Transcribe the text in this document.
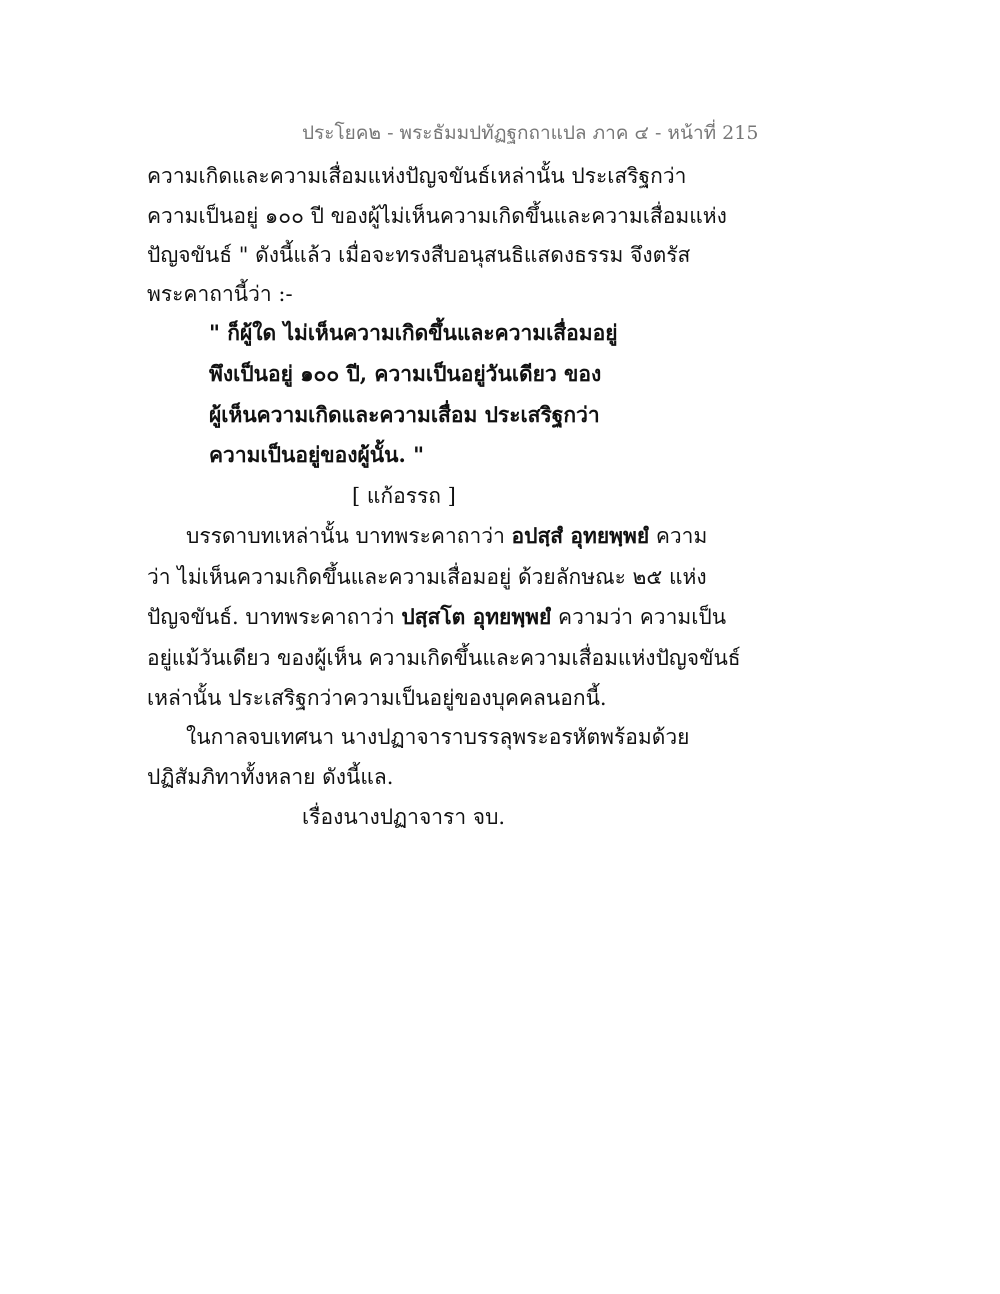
ประโยค๒ - พระธัมมปทัฏฐกถาแปล ภาค ๔ - หน้าที่ 215
ความเกิดและความเสื่อมแห่งปัญจขันธ์เหล่านั้น ประเสริฐกว่า
ความเป็นอยู่ ๑๐๐ ปี ของผู้ไม่เห็นความเกิดขึ้นและความเสื่อมแห่ง
ปัญจขันธ์ " ดังนี้แล้ว เมื่อจะทรงสืบอนุสนธิแสดงธรรม จึงตรัส
พระคาถานี้ว่า :-
" ก็ผู้ใด ไม่เห็นความเกิดขึ้นและความเสื่อมอยู่
พึงเป็นอยู่ ๑๐๐ ปี, ความเป็นอยู่วันเดียว ของ
ผู้เห็นความเกิดและความเสื่อม ประเสริฐกว่า
ความเป็นอยู่ของผู้นั้น. "
[ แก้อรรถ ]
บรรดาบทเหล่านั้น บาทพระคาถาว่า อปสฺสํ อุทยพฺพยํ ความ
ว่า ไม่เห็นความเกิดขึ้นและความเสื่อมอยู่ ด้วยลักษณะ ๒๕ แห่ง
ปัญจขันธ์. บาทพระคาถาว่า ปสฺสโต อุทยพฺพยํ ความว่า ความเป็น
อยู่แม้วันเดียว ของผู้เห็น ความเกิดขึ้นและความเสื่อมแห่งปัญจขันธ์
เหล่านั้น ประเสริฐกว่าความเป็นอยู่ของบุคคลนอกนี้.
ในกาลจบเทศนา นางปฏาจาราบรรลุพระอรหัตพร้อมด้วย
ปฏิสัมภิทาทั้งหลาย ดังนี้แล.
เรื่องนางปฏาจารา จบ.
